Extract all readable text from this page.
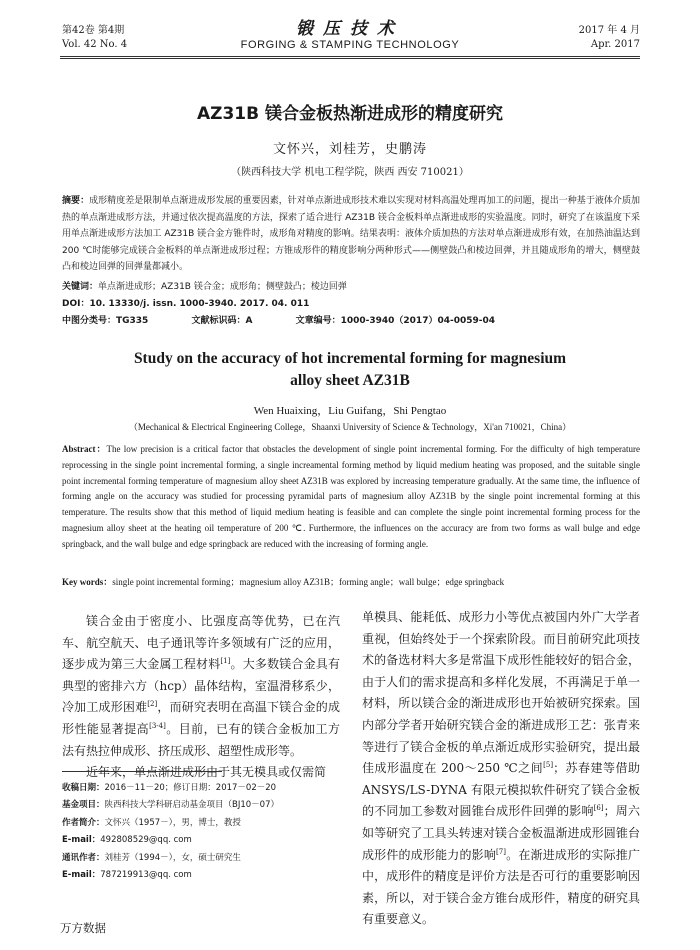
第42卷 第4期
Vol. 42 No. 4
锻压技术
FORGING & STAMPING TECHNOLOGY
2017 年 4 月
Apr. 2017
AZ31B 镁合金板热渐进成形的精度研究
文怀兴，刘桂芳，史鹏涛
（陕西科技大学 机电工程学院，陕西 西安 710021）
摘要：成形精度差是限制单点渐进成形发展的重要因素，针对单点渐进成形技术难以实现对材料高温处理再加工的问题，提出一种基于液体介质加热的单点渐进成形方法，并通过依次提高温度的方法，探索了适合进行 AZ31B 镁合金板料单点渐进成形的实验温度。同时，研究了在该温度下采用单点渐进成形方法加工 AZ31B 镁合金方锥件时，成形角对精度的影响。结果表明：液体介质加热的方法对单点渐进成形有效，在加热油温达到 200 ℃时能够完成镁合金板料的单点渐进成形过程；方锥成形件的精度影响分两种形式——侧壁鼓凸和棱边回弹，并且随成形角的增大，侧壁鼓凸和棱边回弹的回弹量都减小。
关键词：单点渐进成形；AZ31B 镁合金；成形角；侧壁鼓凸；棱边回弹
DOI：10. 13330/j. issn. 1000-3940. 2017. 04. 011
中图分类号：TG335	文献标识码：A	文章编号：1000-3940（2017）04-0059-04
Study on the accuracy of hot incremental forming for magnesium
alloy sheet AZ31B
Wen Huaixing，Liu Guifang，Shi Pengtao
（Mechanical & Electrical Engineering College，Shaanxi University of Science & Technology，Xi'an 710021，China）
Abstract：The low precision is a critical factor that obstacles the development of single point incremental forming. For the difficulty of high temperature reprocessing in the single point incremental forming, a single increamental forming method by liquid medium heating was proposed, and the suitable single point incremental forming temperature of magnesium alloy sheet AZ31B was explored by increasing temperature gradually. At the same time, the influence of forming angle on the accuracy was studied for processing pyramidal parts of magnesium alloy AZ31B by the single point incremental forming at this temperature. The results show that this method of liquid medium heating is feasible and can complete the single point incremental forming process for the magnesium alloy sheet at the heating oil temperature of 200 ℃. Furthermore, the influences on the accuracy are from two forms as wall bulge and edge springback, and the wall bulge and edge springback are reduced with the increasing of forming angle.
Key words：single point incremental forming；magnesium alloy AZ31B；forming angle；wall bulge；edge springback

镁合金由于密度小、比强度高等优势，已在汽车、航空航天、电子通讯等许多领域有广泛的应用，逐步成为第三大金属工程材料[1]。大多数镁合金具有典型的密排六方（hcp）晶体结构，室温滑移系少，冷加工成形困难[2]，而研究表明在高温下镁合金的成形性能显著提高[3-4]。目前，已有的镁合金板加工方法有热拉伸成形、挤压成形、超塑性成形等。

近年来，单点渐进成形由于其无模具或仅需简

单模具、能耗低、成形力小等优点被国内外广大学者重视，但始终处于一个探索阶段。而目前研究此项技术的备选材料大多是常温下成形性能较好的铝合金，由于人们的需求提高和多样化发展，不再满足于单一材料，所以镁合金的渐进成形也开始被研究探索。国内部分学者开始研究镁合金的渐进成形工艺：张青来等进行了镁合金板的单点渐近成形实验研究，提出最佳成形温度在 200～250 ℃之间[5]；苏春建等借助 ANSYS/LS-DYNA 有限元模拟软件研究了镁合金板的不同加工参数对圆锥台成形件回弹的影响[6]；周六如等研究了工具头转速对镁合金板温渐进成形圆锥台成形件的成形能力的影响[7]。在渐进成形的实际推广中，成形件的精度是评价方法是否可行的重要影响因素，所以，对于镁合金方锥台成形件，精度的研究具有重要意义。

收稿日期：2016－11－20；修订日期：2017－02－20
基金项目：陕西科技大学科研启动基金项目（BJ10－07）
作者简介：文怀兴（1957－），男，博士，教授
E-mail：492808529@qq. com
通讯作者：刘桂芳（1994－），女，硕士研究生
E-mail：787219913@qq. com
万方数据
